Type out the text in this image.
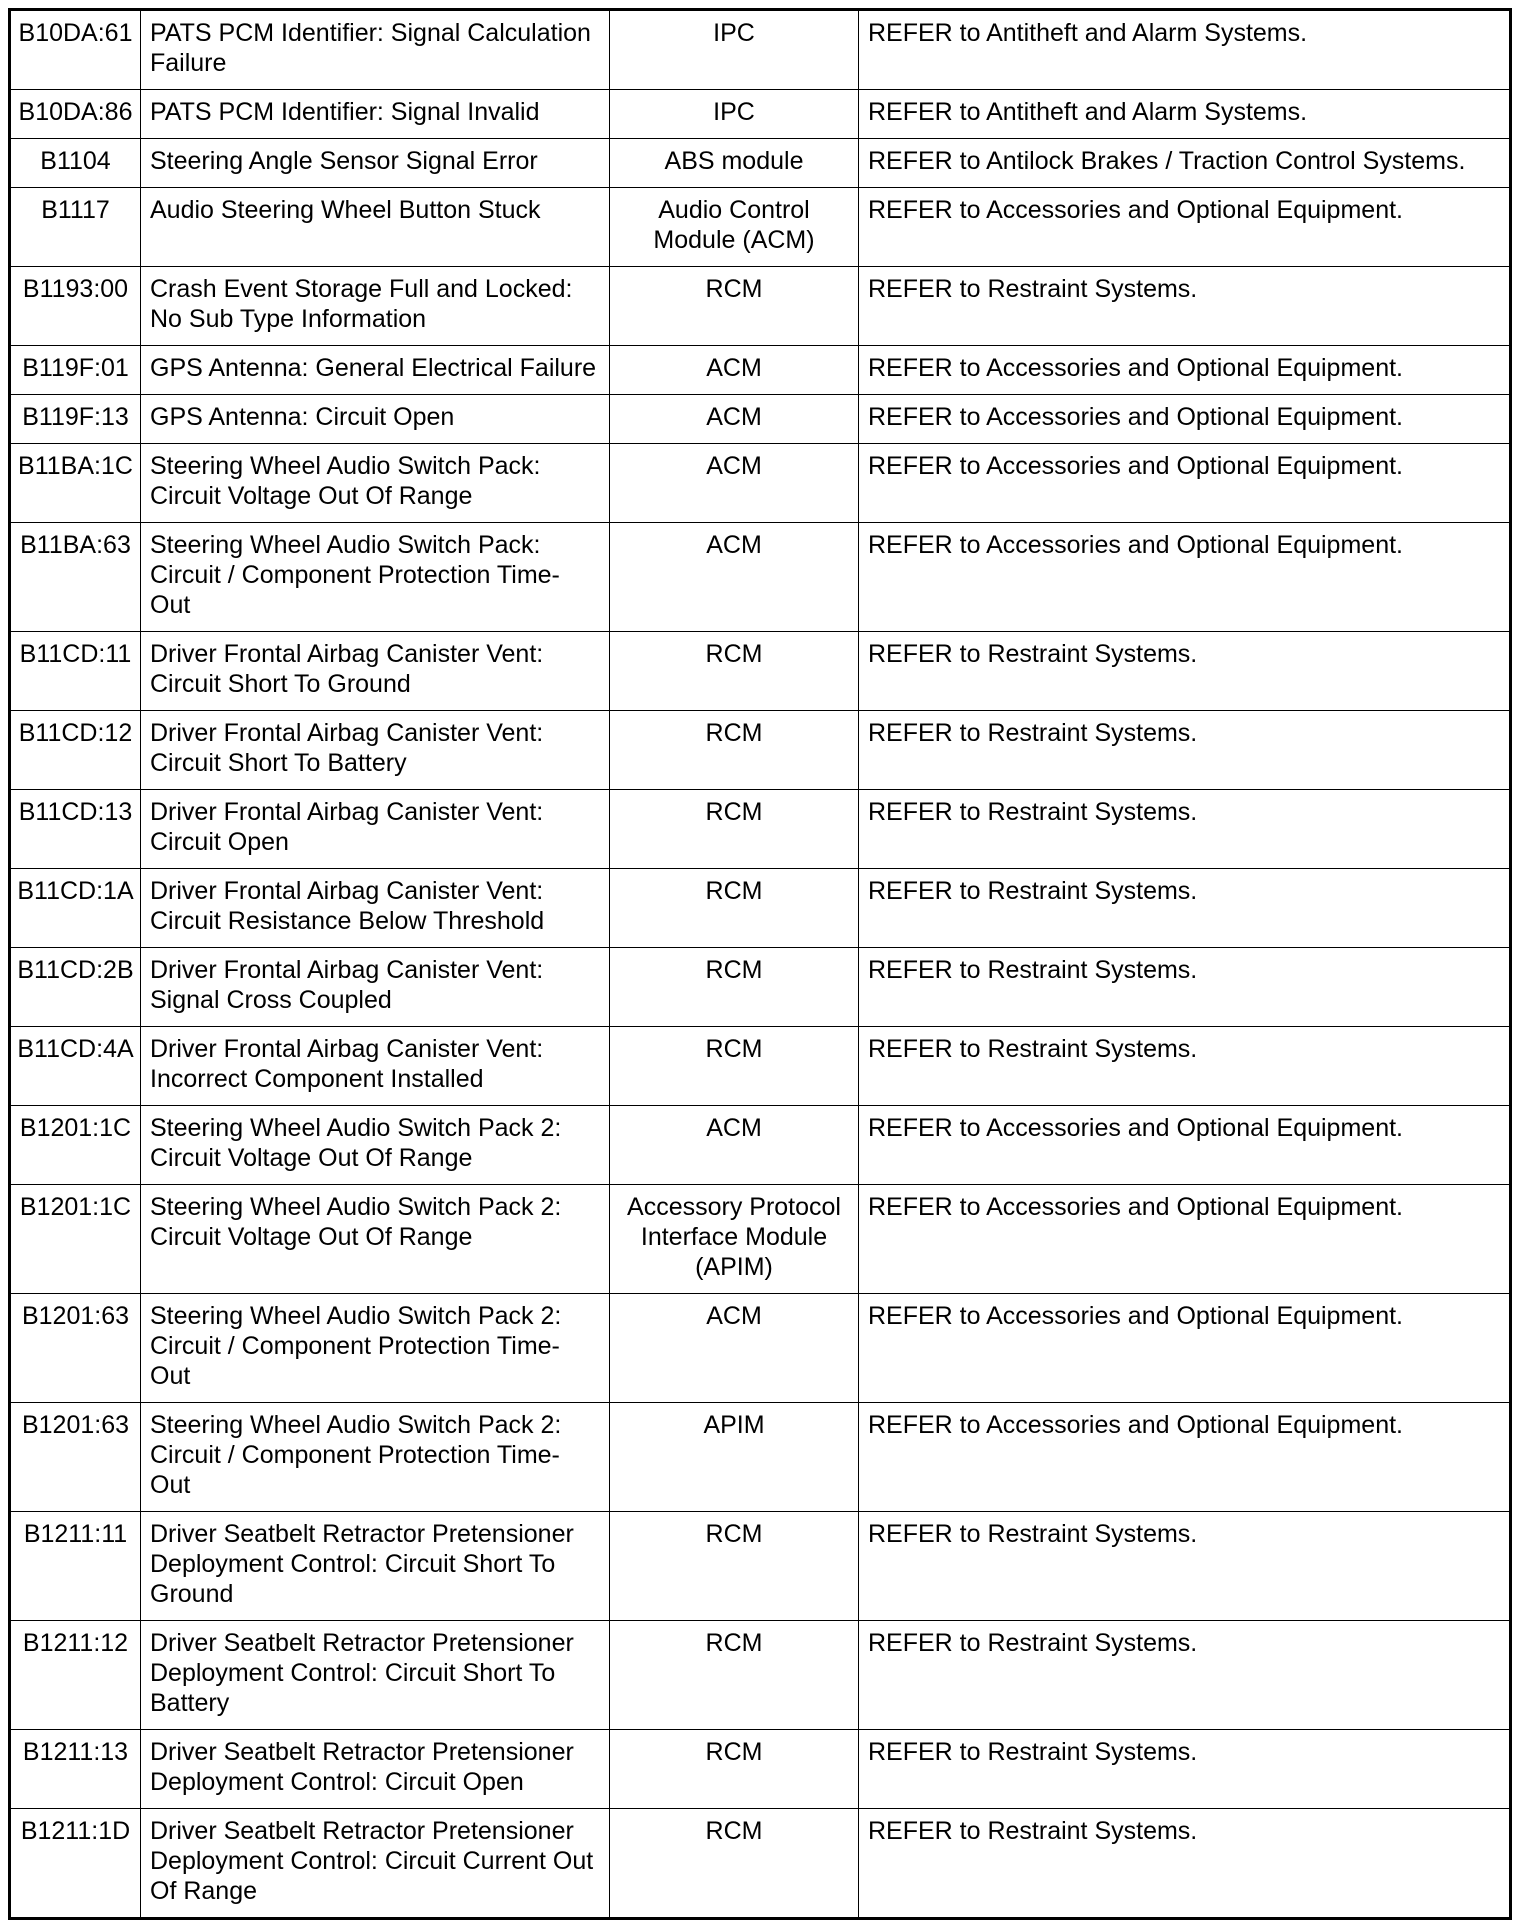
B10DA:61	PATS PCM Identifier: Signal Calculation Failure	IPC	REFER to Antitheft and Alarm Systems.
B10DA:86	PATS PCM Identifier: Signal Invalid	IPC	REFER to Antitheft and Alarm Systems.
B1104	Steering Angle Sensor Signal Error	ABS module	REFER to Antilock Brakes / Traction Control Systems.
B1117	Audio Steering Wheel Button Stuck	Audio Control Module (ACM)	REFER to Accessories and Optional Equipment.
B1193:00	Crash Event Storage Full and Locked: No Sub Type Information	RCM	REFER to Restraint Systems.
B119F:01	GPS Antenna: General Electrical Failure	ACM	REFER to Accessories and Optional Equipment.
B119F:13	GPS Antenna: Circuit Open	ACM	REFER to Accessories and Optional Equipment.
B11BA:1C	Steering Wheel Audio Switch Pack: Circuit Voltage Out Of Range	ACM	REFER to Accessories and Optional Equipment.
B11BA:63	Steering Wheel Audio Switch Pack: Circuit / Component Protection Time-Out	ACM	REFER to Accessories and Optional Equipment.
B11CD:11	Driver Frontal Airbag Canister Vent: Circuit Short To Ground	RCM	REFER to Restraint Systems.
B11CD:12	Driver Frontal Airbag Canister Vent: Circuit Short To Battery	RCM	REFER to Restraint Systems.
B11CD:13	Driver Frontal Airbag Canister Vent: Circuit Open	RCM	REFER to Restraint Systems.
B11CD:1A	Driver Frontal Airbag Canister Vent: Circuit Resistance Below Threshold	RCM	REFER to Restraint Systems.
B11CD:2B	Driver Frontal Airbag Canister Vent: Signal Cross Coupled	RCM	REFER to Restraint Systems.
B11CD:4A	Driver Frontal Airbag Canister Vent: Incorrect Component Installed	RCM	REFER to Restraint Systems.
B1201:1C	Steering Wheel Audio Switch Pack 2: Circuit Voltage Out Of Range	ACM	REFER to Accessories and Optional Equipment.
B1201:1C	Steering Wheel Audio Switch Pack 2: Circuit Voltage Out Of Range	Accessory Protocol Interface Module (APIM)	REFER to Accessories and Optional Equipment.
B1201:63	Steering Wheel Audio Switch Pack 2: Circuit / Component Protection Time-Out	ACM	REFER to Accessories and Optional Equipment.
B1201:63	Steering Wheel Audio Switch Pack 2: Circuit / Component Protection Time-Out	APIM	REFER to Accessories and Optional Equipment.
B1211:11	Driver Seatbelt Retractor Pretensioner Deployment Control: Circuit Short To Ground	RCM	REFER to Restraint Systems.
B1211:12	Driver Seatbelt Retractor Pretensioner Deployment Control: Circuit Short To Battery	RCM	REFER to Restraint Systems.
B1211:13	Driver Seatbelt Retractor Pretensioner Deployment Control: Circuit Open	RCM	REFER to Restraint Systems.
B1211:1D	Driver Seatbelt Retractor Pretensioner Deployment Control: Circuit Current Out Of Range	RCM	REFER to Restraint Systems.
